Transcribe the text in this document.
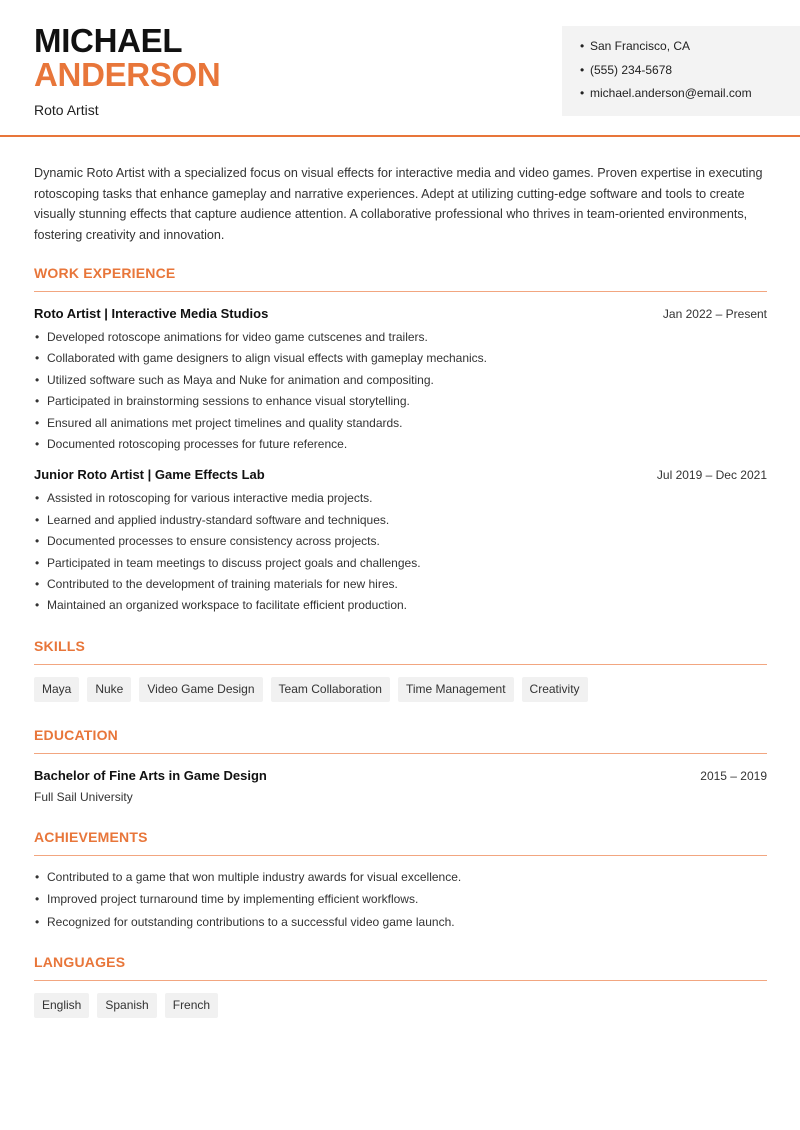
MICHAEL
ANDERSON
Roto Artist
• San Francisco, CA
• (555) 234-5678
• michael.anderson@email.com

Dynamic Roto Artist with a specialized focus on visual effects for interactive media and video games. Proven expertise in executing rotoscoping tasks that enhance gameplay and narrative experiences. Adept at utilizing cutting-edge software and tools to create visually stunning effects that capture audience attention. A collaborative professional who thrives in team-oriented environments, fostering creativity and innovation.

WORK EXPERIENCE
Roto Artist | Interactive Media Studios	Jan 2022 – Present
• Developed rotoscope animations for video game cutscenes and trailers.
• Collaborated with game designers to align visual effects with gameplay mechanics.
• Utilized software such as Maya and Nuke for animation and compositing.
• Participated in brainstorming sessions to enhance visual storytelling.
• Ensured all animations met project timelines and quality standards.
• Documented rotoscoping processes for future reference.
Junior Roto Artist | Game Effects Lab	Jul 2019 – Dec 2021
• Assisted in rotoscoping for various interactive media projects.
• Learned and applied industry-standard software and techniques.
• Documented processes to ensure consistency across projects.
• Participated in team meetings to discuss project goals and challenges.
• Contributed to the development of training materials for new hires.
• Maintained an organized workspace to facilitate efficient production.
SKILLS
Maya	Nuke	Video Game Design	Team Collaboration	Time Management	Creativity
EDUCATION
Bachelor of Fine Arts in Game Design	2015 – 2019
Full Sail University
ACHIEVEMENTS
• Contributed to a game that won multiple industry awards for visual excellence.
• Improved project turnaround time by implementing efficient workflows.
• Recognized for outstanding contributions to a successful video game launch.
LANGUAGES
English	Spanish	French
